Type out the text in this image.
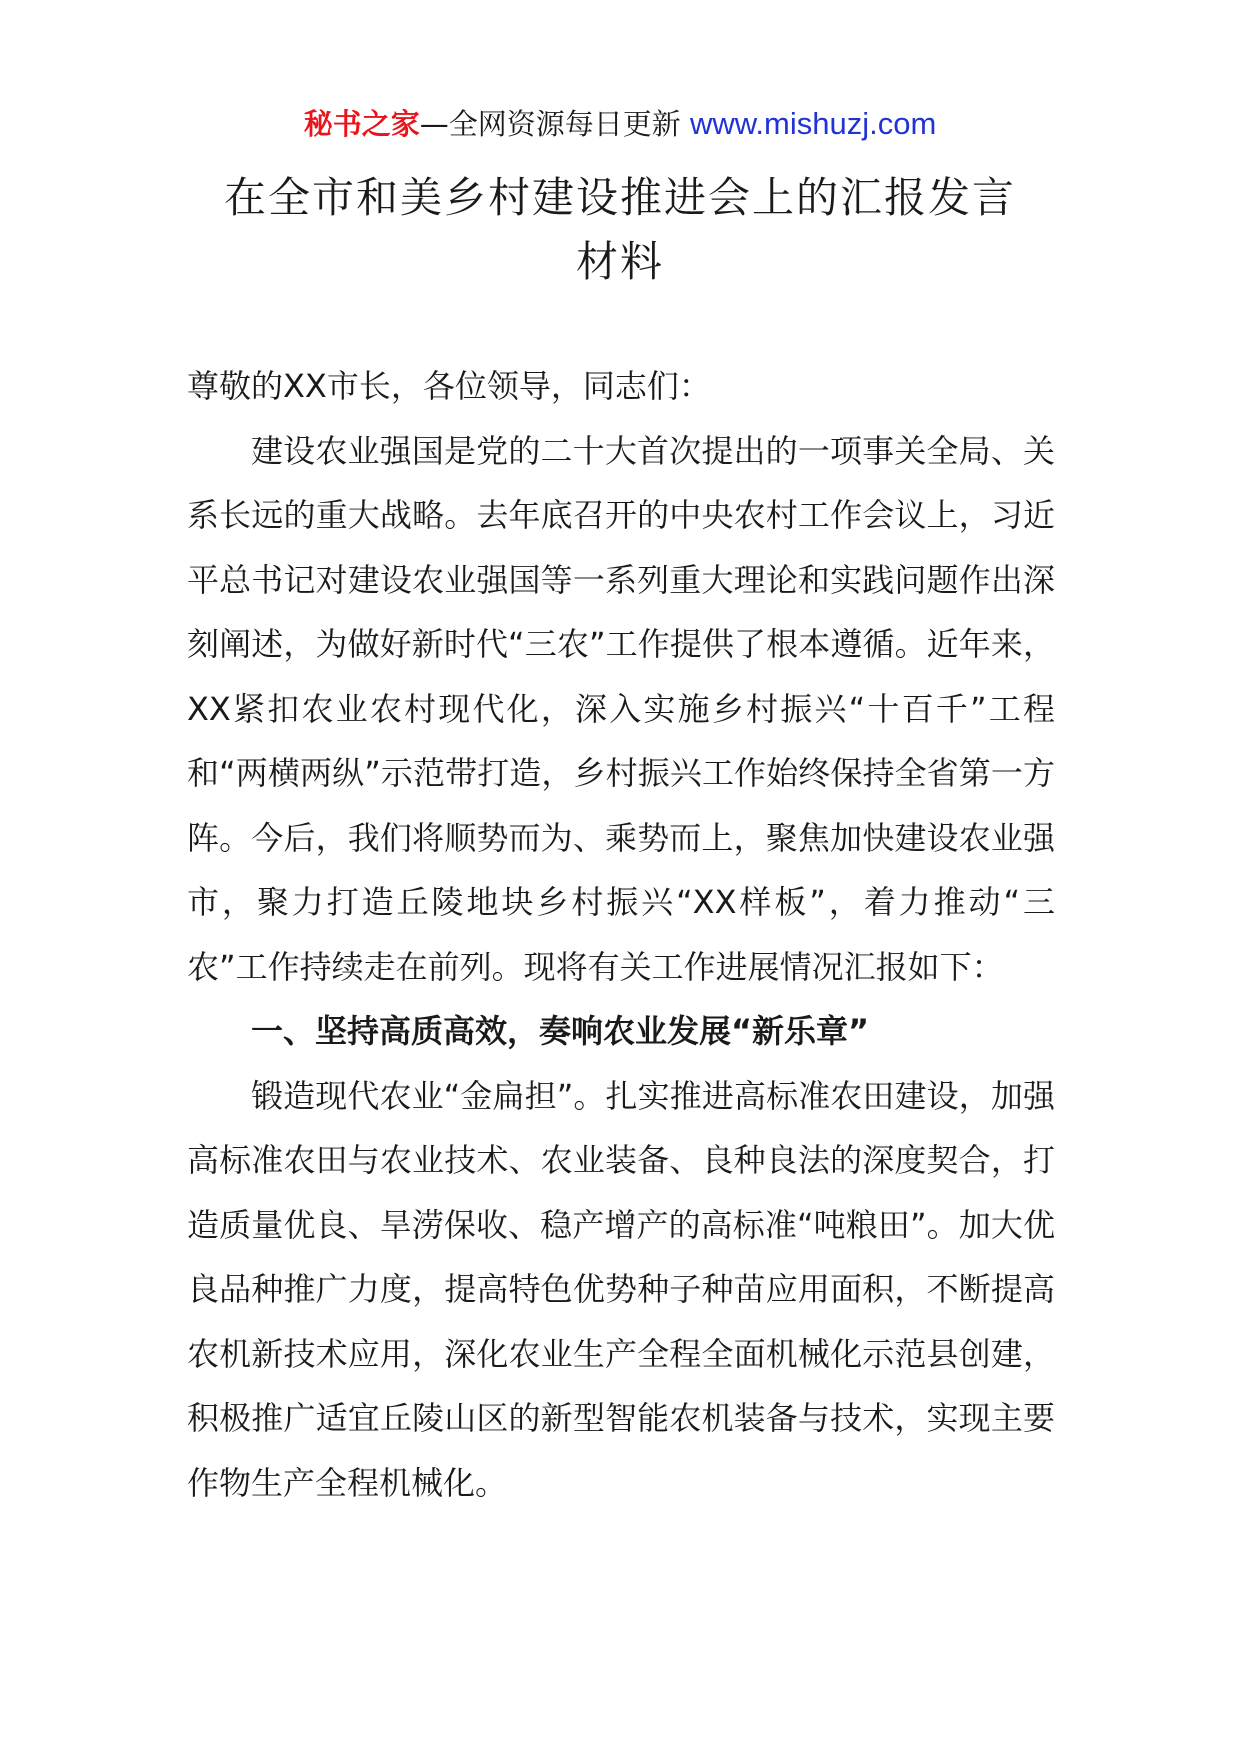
秘书之家—全网资源每日更新 www.mishuzj.com
在全市和美乡村建设推进会上的汇报发言
材料

尊敬的XX市长，各位领导，同志们：

建设农业强国是党的二十大首次提出的一项事关全局、关系长远的重大战略。去年底召开的中央农村工作会议上，习近平总书记对建设农业强国等一系列重大理论和实践问题作出深刻阐述，为做好新时代“三农”工作提供了根本遵循。近年来，XX紧扣农业农村现代化，深入实施乡村振兴“十百千”工程和“两横两纵”示范带打造，乡村振兴工作始终保持全省第一方阵。今后，我们将顺势而为、乘势而上，聚焦加快建设农业强市，聚力打造丘陵地块乡村振兴“XX样板”，着力推动“三农”工作持续走在前列。现将有关工作进展情况汇报如下：

一、坚持高质高效，奏响农业发展“新乐章”

锻造现代农业“金扁担”。扎实推进高标准农田建设，加强高标准农田与农业技术、农业装备、良种良法的深度契合，打造质量优良、旱涝保收、稳产增产的高标准“吨粮田”。加大优良品种推广力度，提高特色优势种子种苗应用面积，不断提高农机新技术应用，深化农业生产全程全面机械化示范县创建，积极推广适宜丘陵山区的新型智能农机装备与技术，实现主要作物生产全程机械化。
